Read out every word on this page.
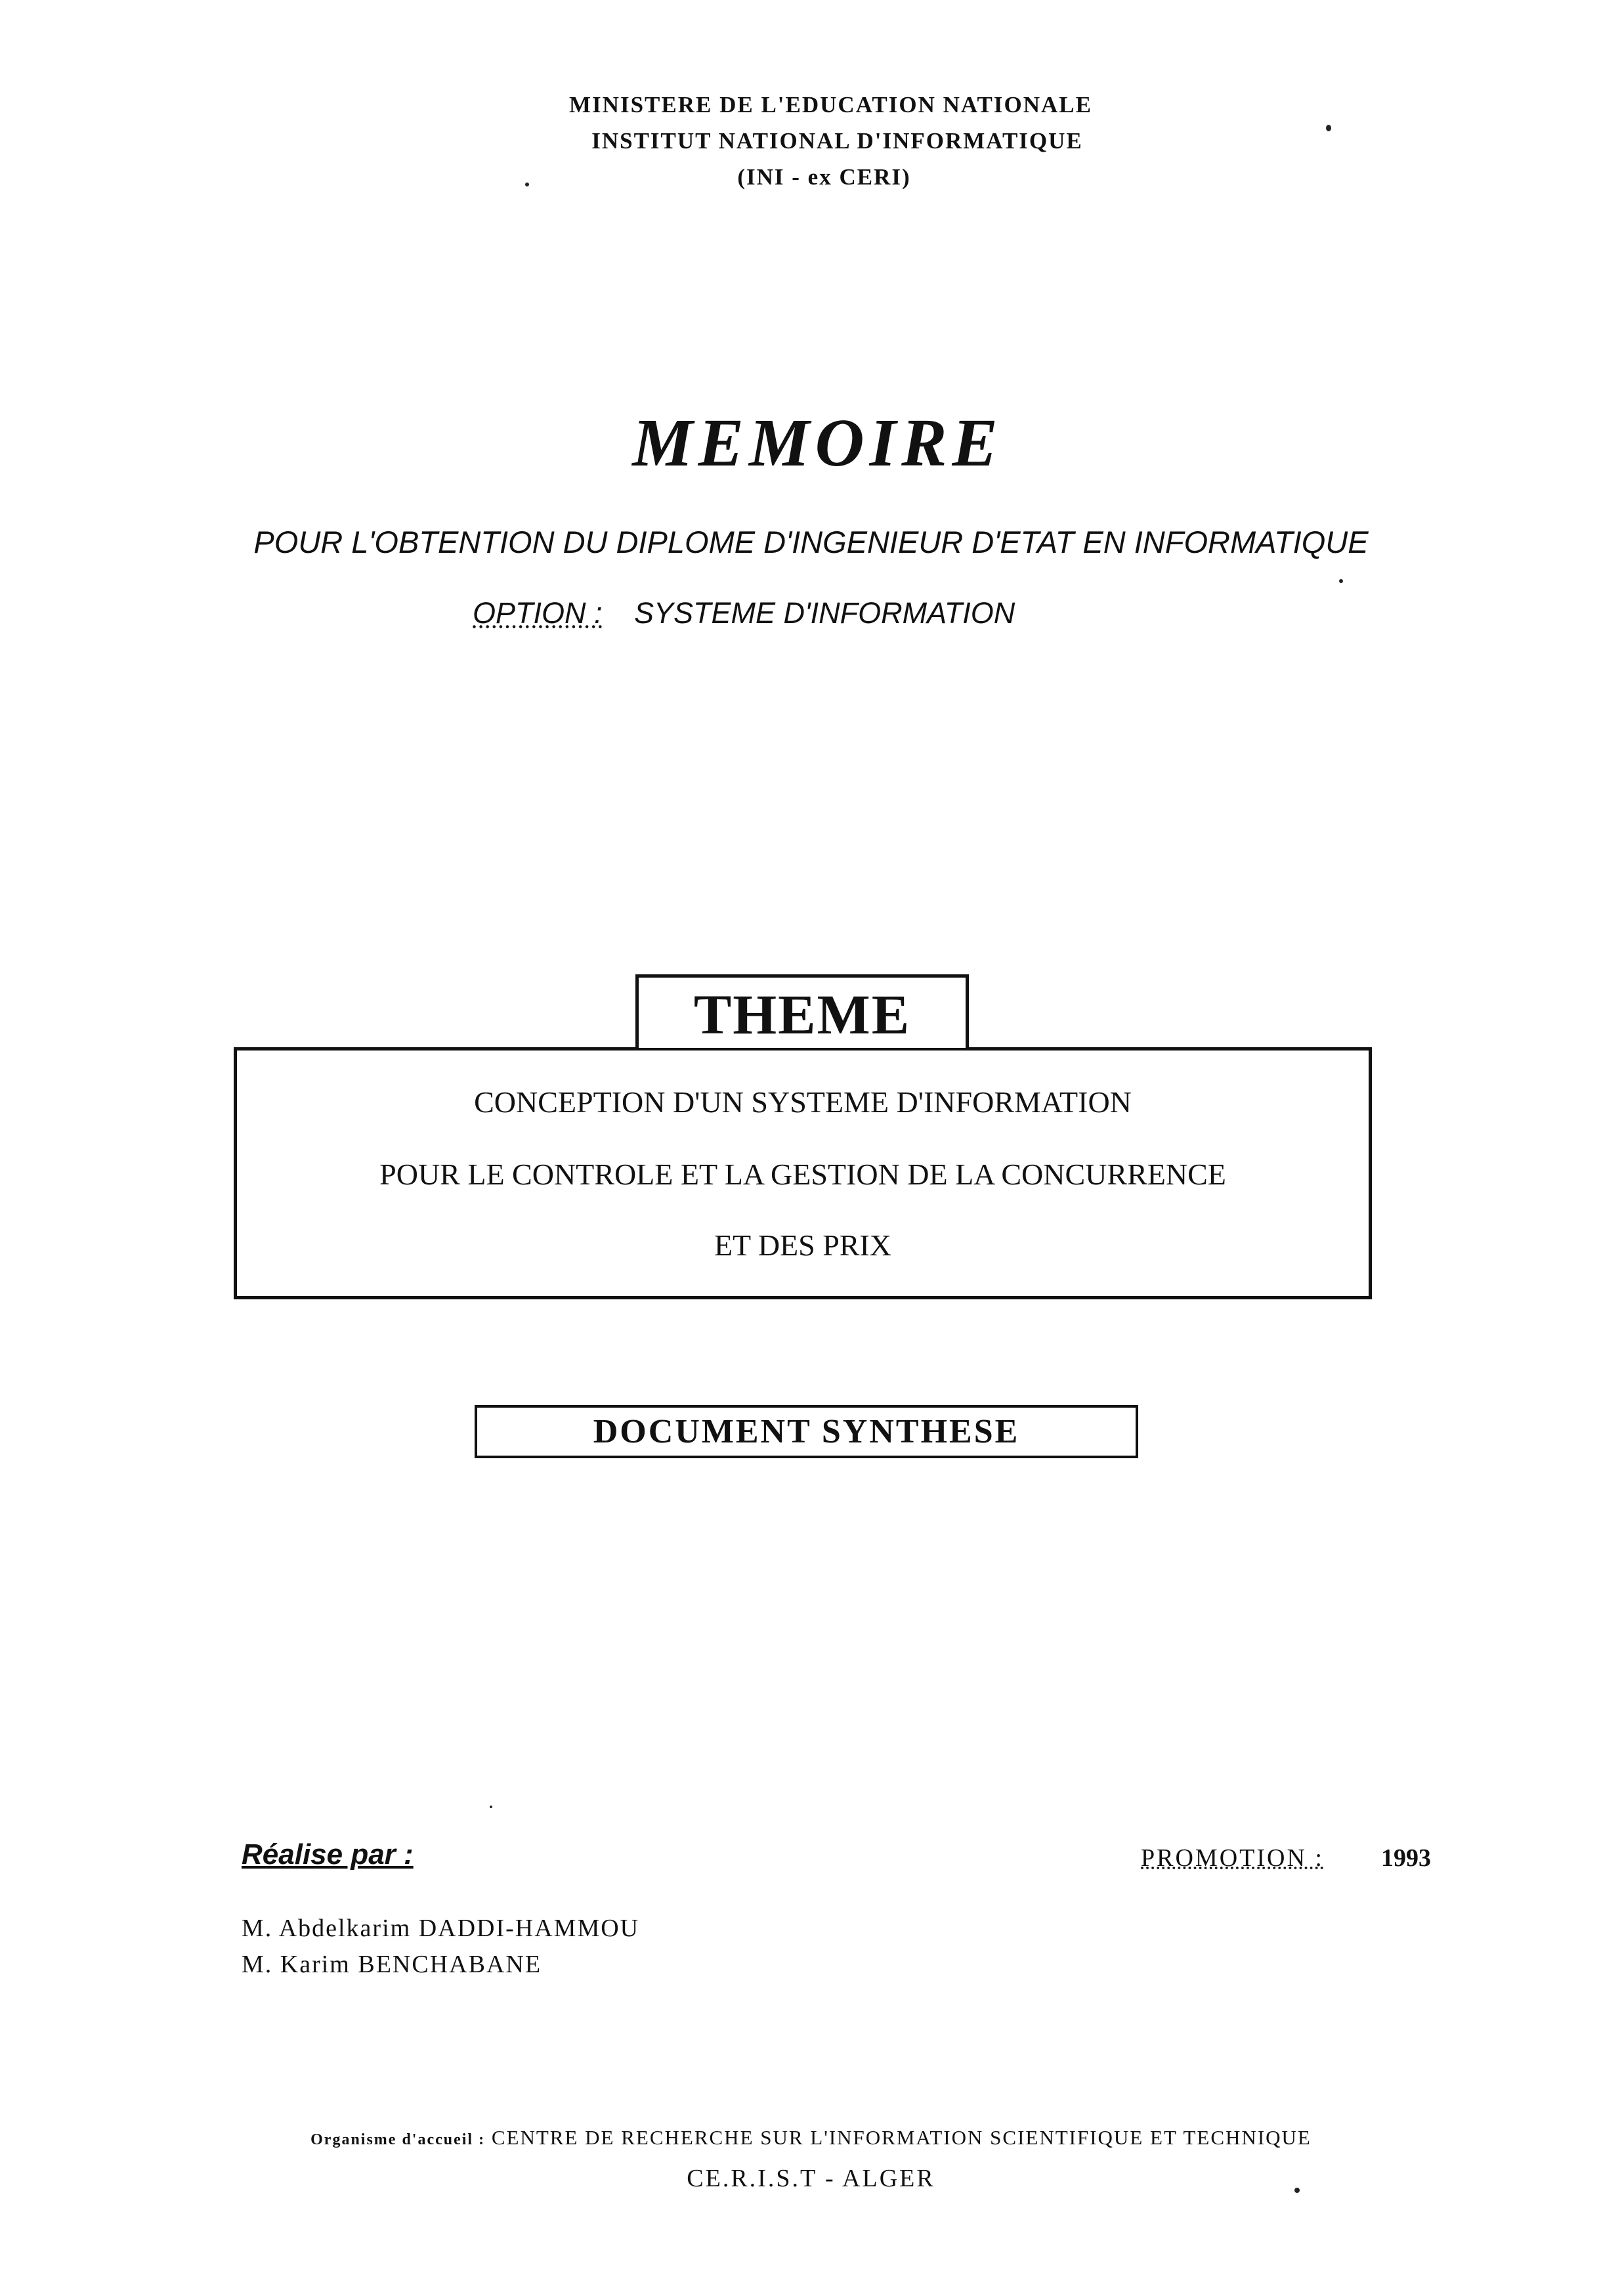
MINISTERE DE L'EDUCATION NATIONALE
INSTITUT NATIONAL D'INFORMATIQUE
(INI - ex CERI)
MEMOIRE
POUR L'OBTENTION DU DIPLOME D'INGENIEUR D'ETAT EN INFORMATIQUE
OPTION : SYSTEME D'INFORMATION
THEME
CONCEPTION D'UN SYSTEME D'INFORMATION
POUR LE CONTROLE ET LA GESTION DE LA CONCURRENCE
ET DES PRIX
DOCUMENT SYNTHESE
Réalise par :	PROMOTION : 1993
M. Abdelkarim DADDI-HAMMOU
M. Karim BENCHABANE
Organisme d'accueil : CENTRE DE RECHERCHE SUR L'INFORMATION SCIENTIFIQUE ET TECHNIQUE
CE.R.I.S.T - ALGER
